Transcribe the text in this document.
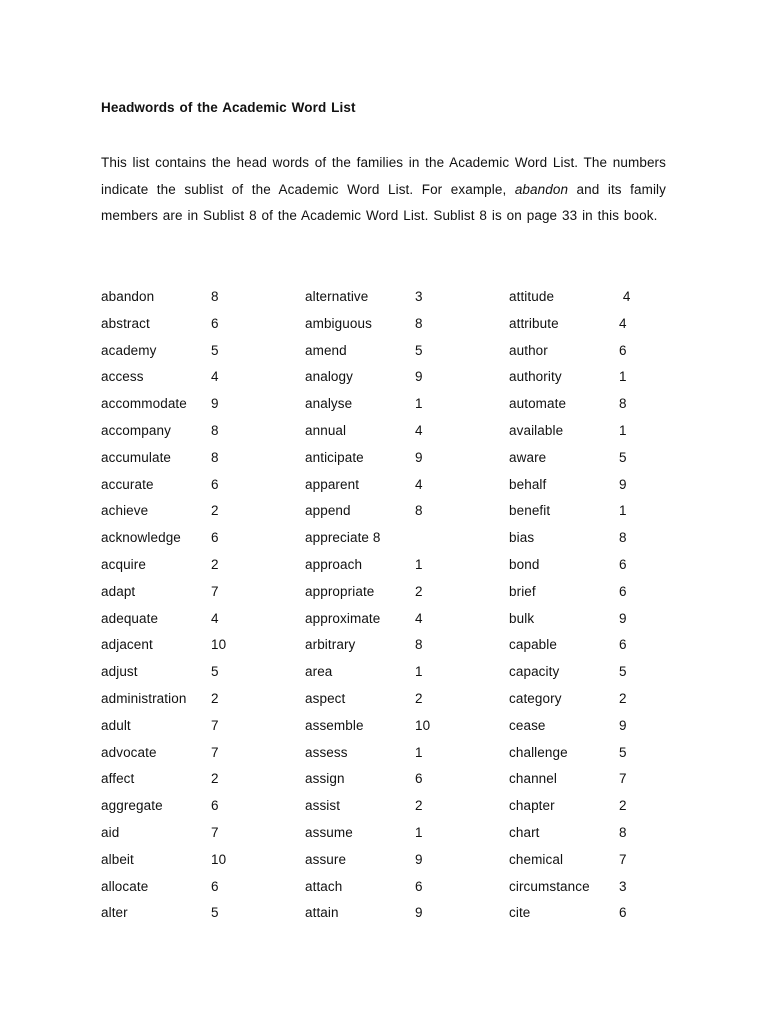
Headwords of the Academic Word List
This list contains the head words of the families in the Academic Word List. The numbers indicate the sublist of the Academic Word List. For example, abandon and its family members are in Sublist 8 of the Academic Word List. Sublist 8 is on page 33 in this book.
abandon	8
abstract	6
academy	5
access	4
accommodate 9
accompany	8
accumulate	8
accurate	6
achieve	2
acknowledge 6
acquire	2
adapt	7
adequate	4
adjacent	10
adjust	5
administration 2
adult	7
advocate	7
affect	2
aggregate	6
aid	7
albeit	10
allocate	6
alter	5
alternative	3
ambiguous	8
amend	5
analogy	9
analyse	1
annual	4
anticipate	9
apparent	4
append	8
appreciate 8
approach	1
appropriate	2
approximate	4
arbitrary	8
area	1
aspect	2
assemble	10
assess	1
assign	6
assist	2
assume	1
assure	9
attach	6
attain	9
attitude	4
attribute	4
author	6
authority	1
automate	8
available	1
aware	5
behalf	9
benefit	1
bias	8
bond	6
brief	6
bulk	9
capable	6
capacity	5
category	2
cease	9
challenge	5
channel	7
chapter	2
chart	8
chemical	7
circumstance 3
cite	6
